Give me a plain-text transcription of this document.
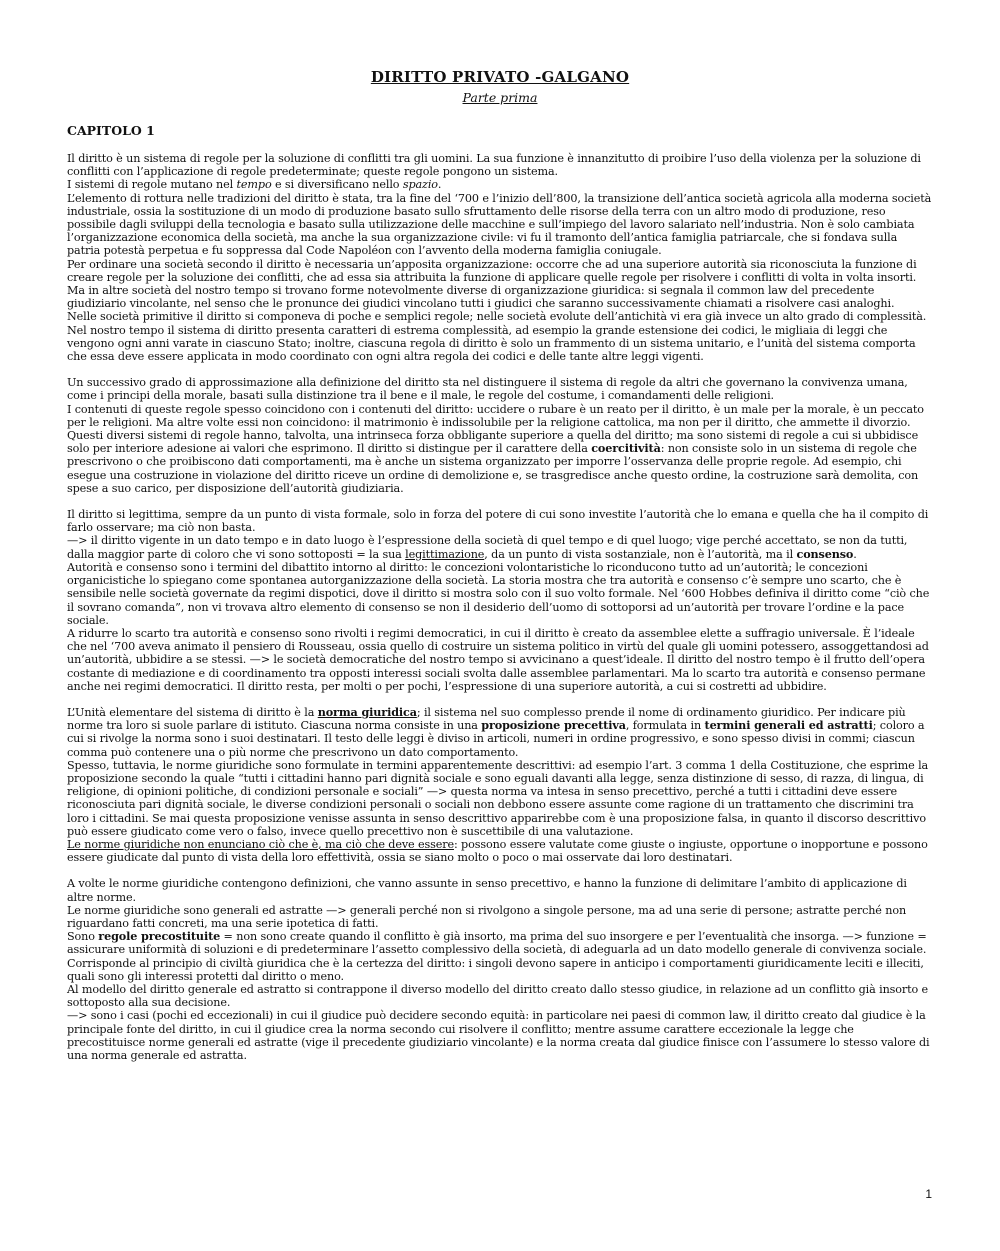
DIRITTO PRIVATO -GALGANO
Parte prima
CAPITOLO 1

Il diritto è un sistema di regole per la soluzione di conflitti tra gli uomini. La sua funzione è innanzitutto di proibire l’uso della violenza per la soluzione di conflitti con l’applicazione di regole predeterminate; queste regole pongono un sistema.

I sistemi di regole mutano nel tempo e si diversificano nello spazio.

L’elemento di rottura nelle tradizioni del diritto è stata, tra la fine del ‘700 e l’inizio dell’800, la transizione dell’antica società agricola alla moderna società industriale, ossia la sostituzione di un modo di produzione basato sullo sfruttamento delle risorse della terra con un altro modo di produzione, reso possibile dagli sviluppi della tecnologia e basato sulla utilizzazione delle macchine e sull’impiego del lavoro salariato nell’industria. Non è solo cambiata l’organizzazione economica della società, ma anche la sua organizzazione civile: vi fu il tramonto dell’antica famiglia patriarcale, che si fondava sulla patria potestà perpetua e fu soppressa dal Code Napoléon con l’avvento della moderna famiglia coniugale.

Per ordinare una società secondo il diritto è necessaria un’apposita organizzazione: occorre che ad una superiore autorità sia riconosciuta la funzione di creare regole per la soluzione dei conflitti, che ad essa sia attribuita la funzione di applicare quelle regole per risolvere i conflitti di volta in volta insorti.

Ma in altre società del nostro tempo si trovano forme notevolmente diverse di organizzazione giuridica: si segnala il common law del precedente giudiziario vincolante, nel senso che le pronunce dei giudici vincolano tutti i giudici che saranno successivamente chiamati a risolvere casi analoghi.

Nelle società primitive il diritto si componeva di poche e semplici regole; nelle società evolute dell’antichità vi era già invece un alto grado di complessità.

Nel nostro tempo il sistema di diritto presenta caratteri di estrema complessità, ad esempio la grande estensione dei codici, le migliaia di leggi che vengono ogni anni varate in ciascuno Stato; inoltre, ciascuna regola di diritto è solo un frammento di un sistema unitario, e l’unità del sistema comporta che essa deve essere applicata in modo coordinato con ogni altra regola dei codici e delle tante altre leggi vigenti.

Un successivo grado di approssimazione alla definizione del diritto sta nel distinguere il sistema di regole da altri che governano la convivenza umana, come i principi della morale, basati sulla distinzione tra il bene e il male, le regole del costume, i comandamenti delle religioni.

I contenuti di queste regole spesso coincidono con i contenuti del diritto: uccidere o rubare è un reato per il diritto, è un male per la morale, è un peccato per le religioni. Ma altre volte essi non coincidono: il matrimonio è indissolubile per la religione cattolica, ma non per il diritto, che ammette il divorzio.

Questi diversi sistemi di regole hanno, talvolta, una intrinseca forza obbligante superiore a quella del diritto; ma sono sistemi di regole a cui si ubbidisce solo per interiore adesione ai valori che esprimono. Il diritto si distingue per il carattere della coercitività: non consiste solo in un sistema di regole che prescrivono o che proibiscono dati comportamenti, ma è anche un sistema organizzato per imporre l’osservanza delle proprie regole. Ad esempio, chi esegue una costruzione in violazione del diritto riceve un ordine di demolizione e, se trasgredisce anche questo ordine, la costruzione sarà demolita, con spese a suo carico, per disposizione dell’autorità giudiziaria.

Il diritto si legittima, sempre da un punto di vista formale, solo in forza del potere di cui sono investite l’autorità che lo emana e quella che ha il compito di farlo osservare; ma ciò non basta.

—> il diritto vigente in un dato tempo e in dato luogo è l’espressione della società di quel tempo e di quel luogo; vige perché accettato, se non da tutti, dalla maggior parte di coloro che vi sono sottoposti = la sua legittimazione, da un punto di vista sostanziale, non è l’autorità, ma il consenso.

Autorità e consenso sono i termini del dibattito intorno al diritto: le concezioni volontaristiche lo riconducono tutto ad un’autorità; le concezioni organicistiche lo spiegano come spontanea autorganizzazione della società. La storia mostra che tra autorità e consenso c’è sempre uno scarto, che è sensibile nelle società governate da regimi dispotici, dove il diritto si mostra solo con il suo volto formale. Nel ‘600 Hobbes definiva il diritto come “ciò che il sovrano comanda”, non vi trovava altro elemento di consenso se non il desiderio dell’uomo di sottoporsi ad un’autorità per trovare l’ordine e la pace sociale.

A ridurre lo scarto tra autorità e consenso sono rivolti i regimi democratici, in cui il diritto è creato da assemblee elette a suffragio universale. È l’ideale che nel ‘700 aveva animato il pensiero di Rousseau, ossia quello di costruire un sistema politico in virtù del quale gli uomini potessero, assoggettandosi ad un’autorità, ubbidire a se stessi. —> le società democratiche del nostro tempo si avvicinano a quest’ideale. Il diritto del nostro tempo è il frutto dell’opera costante di mediazione e di coordinamento tra opposti interessi sociali svolta dalle assemblee parlamentari. Ma lo scarto tra autorità e consenso permane anche nei regimi democratici. Il diritto resta, per molti o per pochi, l’espressione di una superiore autorità, a cui si costretti ad ubbidire.

L’Unità elementare del sistema di diritto è la norma giuridica; il sistema nel suo complesso prende il nome di ordinamento giuridico. Per indicare più norme tra loro si suole parlare di istituto. Ciascuna norma consiste in una proposizione precettiva, formulata in termini generali ed astratti; coloro a cui si rivolge la norma sono i suoi destinatari. Il testo delle leggi è diviso in articoli, numeri in ordine progressivo, e sono spesso divisi in commi; ciascun comma può contenere una o più norme che prescrivono un dato comportamento.

Spesso, tuttavia, le norme giuridiche sono formulate in termini apparentemente descrittivi: ad esempio l’art. 3 comma 1 della Costituzione, che esprime la proposizione secondo la quale “tutti i cittadini hanno pari dignità sociale e sono eguali davanti alla legge, senza distinzione di sesso, di razza, di lingua, di religione, di opinioni politiche, di condizioni personale e sociali” —> questa norma va intesa in senso precettivo, perché a tutti i cittadini deve essere riconosciuta pari dignità sociale, le diverse condizioni personali o sociali non debbono essere assunte come ragione di un trattamento che discrimini tra loro i cittadini. Se mai questa proposizione venisse assunta in senso descrittivo apparirebbe com è una proposizione falsa, in quanto il discorso descrittivo può essere giudicato come vero o falso, invece quello precettivo non è suscettibile di una valutazione.

Le norme giuridiche non enunciano ciò che è, ma ciò che deve essere: possono essere valutate come giuste o ingiuste, opportune o inopportune e possono essere giudicate dal punto di vista della loro effettività, ossia se siano molto o poco o mai osservate dai loro destinatari.

A volte le norme giuridiche contengono definizioni, che vanno assunte in senso precettivo, e hanno la funzione di delimitare l’ambito di applicazione di altre norme.

Le norme giuridiche sono generali ed astratte —> generali perché non si rivolgono a singole persone, ma ad una serie di persone; astratte perché non riguardano fatti concreti, ma una serie ipotetica di fatti.

Sono regole precostituite = non sono create quando il conflitto è già insorto, ma prima del suo insorgere e per l’eventualità che insorga. —> funzione = assicurare uniformità di soluzioni e di predeterminare l’assetto complessivo della società, di adeguarla ad un dato modello generale di convivenza sociale. Corrisponde al principio di civiltà giuridica che è la certezza del diritto: i singoli devono sapere in anticipo i comportamenti giuridicamente leciti e illeciti, quali sono gli interessi protetti dal diritto o meno.

Al modello del diritto generale ed astratto si contrappone il diverso modello del diritto creato dallo stesso giudice, in relazione ad un conflitto già insorto e sottoposto alla sua decisione.

—> sono i casi (pochi ed eccezionali) in cui il giudice può decidere secondo equità: in particolare nei paesi di common law, il diritto creato dal giudice è la principale fonte del diritto, in cui il giudice crea la norma secondo cui risolvere il conflitto; mentre assume carattere eccezionale la legge che precostituisce norme generali ed astratte (vige il precedente giudiziario vincolante) e la norma creata dal giudice finisce con l’assumere lo stesso valore di una norma generale ed astratta.

1
